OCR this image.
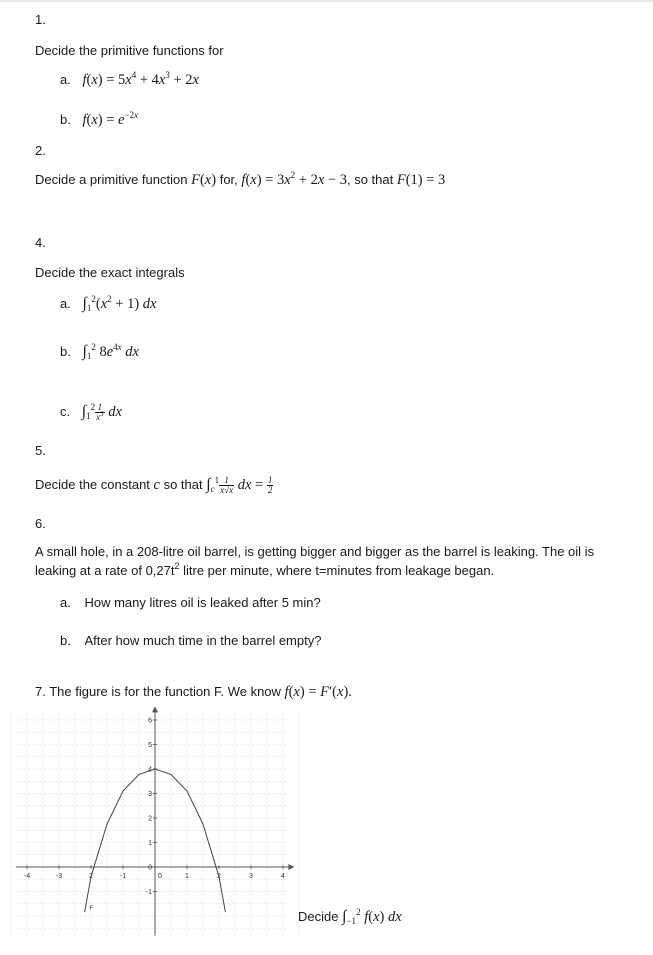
1.
Decide the primitive functions for
a. $f(x) = 5x^4 + 4x^3 + 2x$
b. $f(x) = e^{-2x}$
2.
Decide a primitive function F(x) for, $f(x) = 3x^2 + 2x - 3$, so that F(1) = 3
4.
Decide the exact integrals
a. $\int_1^2(x^2 + 1)$ dx
b. $\int_1^2$ $8e^{4x}$ dx
c. $\int_1^2 \frac{1}{x^3}$ dx
5.
Decide the constant c so that $\int_c^1 \frac{1}{x√x}$ dx = $\frac{1}{2}$
6.
A small hole, in a 208-litre oil barrel, is getting bigger and bigger as the barrel is leaking. The oil is
leaking at a rate of $0,27t^2$ litre per minute, where t=minutes from leakage began.
a. How many litres oil is leaked after 5 min?
b. After how much time in the barrel empty?
7. The figure is for the function F. We know f(x) = F′(x).
-4	-3	2	-1	1	2	3	4
-1
0
1
2
3
4
5
6
0
F
Decide $\int_{-1}^2$ f(x) dx
